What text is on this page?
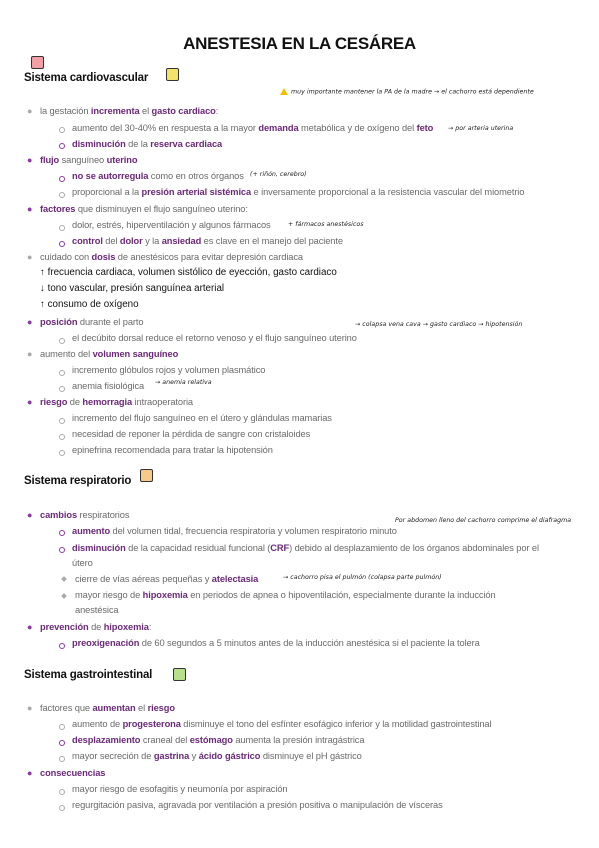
ANESTESIA EN LA CESÁREA
Sistema cardiovascular
muy importante mantener la PA de la madre → el cachorro está dependiente
● la gestación incrementa el gasto cardiaco:
aumento del 30-40% en respuesta a la mayor demanda metabólica y de oxígeno del feto → por arteria uterina
disminución de la reserva cardiaca
● flujo sanguíneo uterino
no se autorregula como en otros órganos (+ riñón, cerebro)
proporcional a la presión arterial sistémica e inversamente proporcional a la resistencia vascular del miometrio
● factores que disminuyen el flujo sanguíneo uterino:
dolor, estrés, hiperventilación y algunos fármacos	+ fármacos anestésicos
control del dolor y la ansiedad es clave en el manejo del paciente
● cuidado con dosis de anestésicos para evitar depresión cardiaca
↑ frecuencia cardiaca, volumen sistólico de eyección, gasto cardiaco
↓ tono vascular, presión sanguínea arterial
↑ consumo de oxígeno
● posición durante el parto	→ colapsa vena cava → gasto cardiaco → hipotensión
el decúbito dorsal reduce el retorno venoso y el flujo sanguíneo uterino
● aumento del volumen sanguíneo
incremento glóbulos rojos y volumen plasmático
anemia fisiológica → anemia relativa
● riesgo de hemorragia intraoperatoria
incremento del flujo sanguíneo en el útero y glándulas mamarias
necesidad de reponer la pérdida de sangre con cristaloides
epinefrina recomendada para tratar la hipotensión
Sistema respiratorio
● cambios respiratorios
Por abdomen lleno del cachorro comprime el diafragma
aumento del volumen tidal, frecuencia respiratoria y volumen respiratorio minuto
disminución de la capacidad residual funcional (CRF) debido al desplazamiento de los órganos abdominales por el
útero
cierre de vías aéreas pequeñas y atelectasia	→ cachorro pisa el pulmón (colapsa parte pulmón)
mayor riesgo de hipoxemia en periodos de apnea o hipoventilación, especialmente durante la inducción
anestésica
● prevención de hipoxemia:
preoxigenación de 60 segundos a 5 minutos antes de la inducción anestésica si el paciente la tolera
Sistema gastrointestinal
● factores que aumentan el riesgo
aumento de progesterona disminuye el tono del esfínter esofágico inferior y la motilidad gastrointestinal
desplazamiento craneal del estómago aumenta la presión intragástrica
mayor secreción de gastrina y ácido gástrico disminuye el pH gástrico
● consecuencias
mayor riesgo de esofagitis y neumonía por aspiración
regurgitación pasiva, agravada por ventilación a presión positiva o manipulación de vísceras
